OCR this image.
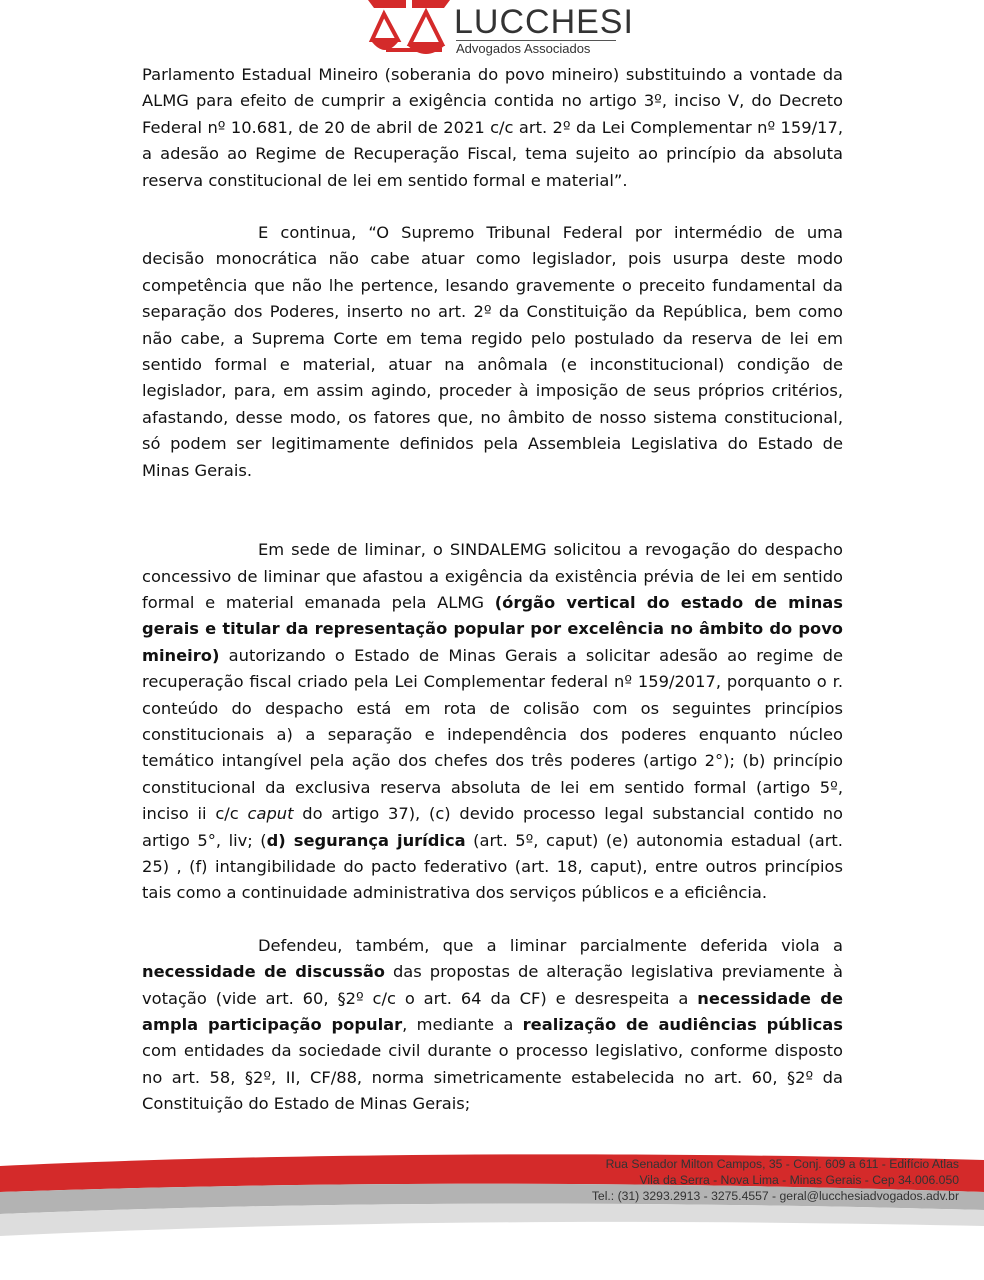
LUCCHESI
Advogados Associados

Parlamento Estadual Mineiro (soberania do povo mineiro) substituindo a vontade da ALMG para efeito de cumprir a exigência contida no artigo 3º, inciso V, do Decreto Federal nº 10.681, de 20 de abril de 2021 c/c art. 2º da Lei Complementar nº 159/17, a adesão ao Regime de Recuperação Fiscal, tema sujeito ao princípio da absoluta reserva constitucional de lei em sentido formal e material”.

E continua, “O Supremo Tribunal Federal por intermédio de uma decisão monocrática não cabe atuar como legislador, pois usurpa deste modo competência que não lhe pertence, lesando gravemente o preceito fundamental da separação dos Poderes, inserto no art. 2º da Constituição da República, bem como não cabe, a Suprema Corte em tema regido pelo postulado da reserva de lei em sentido formal e material, atuar na anômala (e inconstitucional) condição de legislador, para, em assim agindo, proceder à imposição de seus próprios critérios, afastando, desse modo, os fatores que, no âmbito de nosso sistema constitucional, só podem ser legitimamente definidos pela Assembleia Legislativa do Estado de Minas Gerais.

Em sede de liminar, o SINDALEMG solicitou a revogação do despacho concessivo de liminar que afastou a exigência da existência prévia de lei em sentido formal e material emanada pela ALMG (órgão vertical do estado de minas gerais e titular da representação popular por excelência no âmbito do povo mineiro) autorizando o Estado de Minas Gerais a solicitar adesão ao regime de recuperação fiscal criado pela Lei Complementar federal nº 159/2017, porquanto o r. conteúdo do despacho está em rota de colisão com os seguintes princípios constitucionais a) a separação e independência dos poderes enquanto núcleo temático intangível pela ação dos chefes dos três poderes (artigo 2°); (b) princípio constitucional da exclusiva reserva absoluta de lei em sentido formal (artigo 5º, inciso ii c/c caput do artigo 37), (c) devido processo legal substancial contido no artigo 5°, liv; (d) segurança jurídica (art. 5º, caput) (e) autonomia estadual (art. 25) , (f) intangibilidade do pacto federativo (art. 18, caput), entre outros princípios tais como a continuidade administrativa dos serviços públicos e a eficiência.

Defendeu, também, que a liminar parcialmente deferida viola a necessidade de discussão das propostas de alteração legislativa previamente à votação (vide art. 60, §2º c/c o art. 64 da CF) e desrespeita a necessidade de ampla participação popular, mediante a realização de audiências públicas com entidades da sociedade civil durante o processo legislativo, conforme disposto no art. 58, §2º, II, CF/88, norma simetricamente estabelecida no art. 60, §2º da Constituição do Estado de Minas Gerais;

Rua Senador Milton Campos, 35 - Conj. 609 a 611 - Edifício Atlas
Vila da Serra - Nova Lima - Minas Gerais - Cep 34.006.050
Tel.: (31) 3293.2913 - 3275.4557 - geral@lucchesiadvogados.adv.br
